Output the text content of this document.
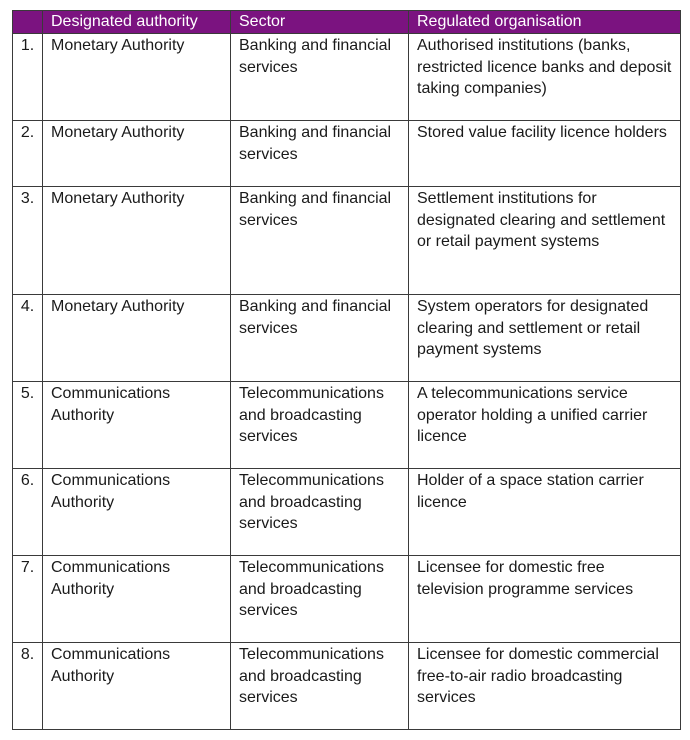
	Designated authority	Sector	Regulated organisation
1.	Monetary Authority	Banking and financial services	Authorised institutions (banks, restricted licence banks and deposit taking companies)
2.	Monetary Authority	Banking and financial services	Stored value facility licence holders
3.	Monetary Authority	Banking and financial services	Settlement institutions for designated clearing and settlement or retail payment systems
4.	Monetary Authority	Banking and financial services	System operators for designated clearing and settlement or retail payment systems
5.	Communications Authority	Telecommunications and broadcasting services	A telecommunications service operator holding a unified carrier licence
6.	Communications Authority	Telecommunications and broadcasting services	Holder of a space station carrier licence
7.	Communications Authority	Telecommunications and broadcasting services	Licensee for domestic free television programme services
8.	Communications Authority	Telecommunications and broadcasting services	Licensee for domestic commercial free-to-air radio broadcasting services
